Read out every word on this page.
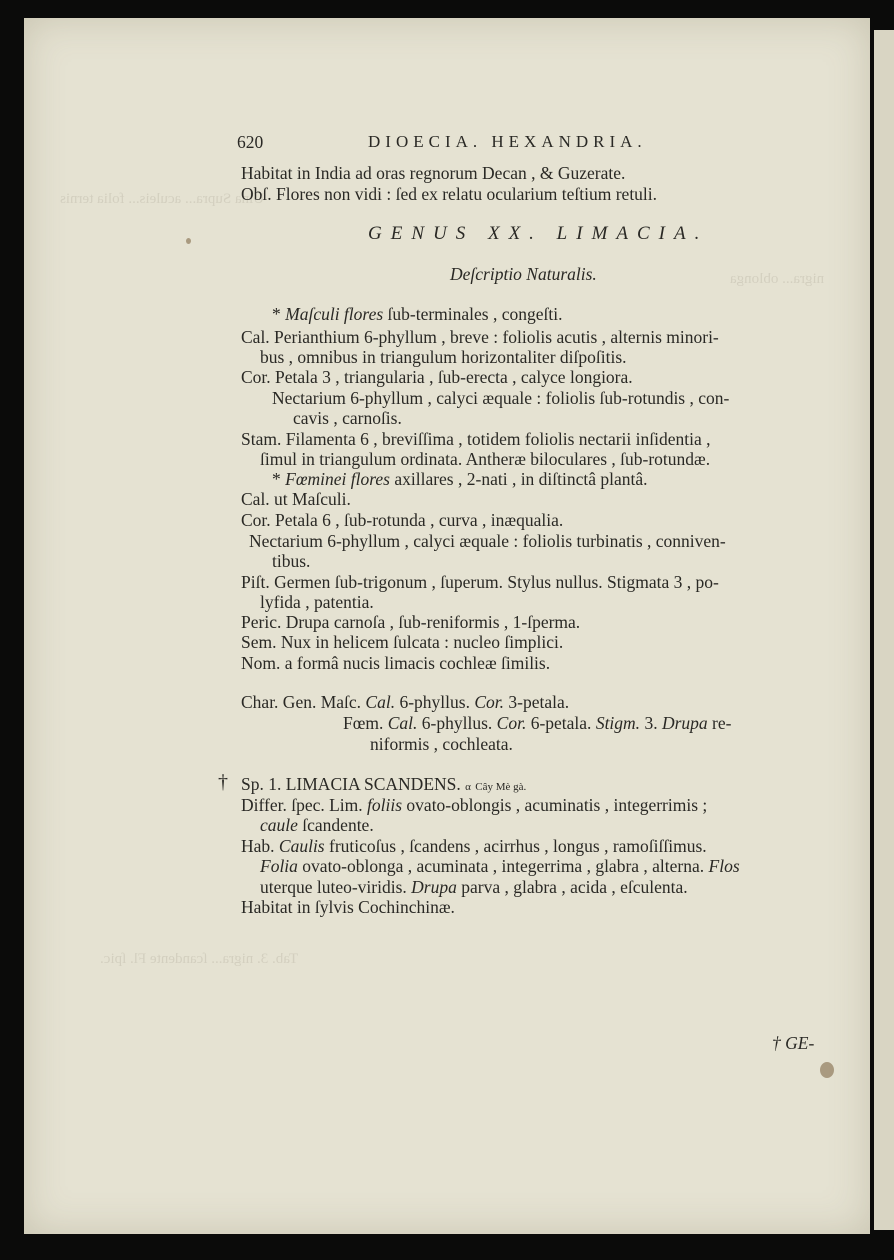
Ulna Supra... aculeis... folia ternis
nigra... oblonga
Tab. 3. nigra... ſcandente Fl. ſpic.
620	DIOECIA. HEXANDRIA.
Habitat in India ad oras regnorum Decan , & Guzerate.
Obſ. Flores non vidi : ſed ex relatu ocularium teſtium retuli.
GENUS XX. LIMACIA.
Deſcriptio Naturalis.
* Maſculi flores ſub-terminales , congeſti.
Cal. Perianthium 6-phyllum , breve : foliolis acutis , alternis minori-
bus , omnibus in triangulum horizontaliter diſpoſitis.
Cor. Petala 3 , triangularia , ſub-erecta , calyce longiora.
Nectarium 6-phyllum , calyci æquale : foliolis ſub-rotundis , con-
cavis , carnoſis.
Stam. Filamenta 6 , breviſſima , totidem foliolis nectarii inſidentia ,
ſimul in triangulum ordinata. Antheræ biloculares , ſub-rotundæ.
* Fœminei flores axillares , 2-nati , in diſtinctâ plantâ.
Cal. ut Maſculi.
Cor. Petala 6 , ſub-rotunda , curva , inæqualia.
Nectarium 6-phyllum , calyci æquale : foliolis turbinatis , conniven-
tibus.
Piſt. Germen ſub-trigonum , ſuperum. Stylus nullus. Stigmata 3 , po-
lyfida , patentia.
Peric. Drupa carnoſa , ſub-reniformis , 1-ſperma.
Sem. Nux in helicem ſulcata : nucleo ſimplici.
Nom. a formâ nucis limacis cochleæ ſimilis.
Char. Gen. Maſc. Cal. 6-phyllus. Cor. 3-petala.
Fœm. Cal. 6-phyllus. Cor. 6-petala. Stigm. 3. Drupa re-
niformis , cochleata.
† Sp. 1. LIMACIA SCANDENS. α Cây Mè gà.
Differ. ſpec. Lim. foliis ovato-oblongis , acuminatis , integerrimis ;
caule ſcandente.
Hab. Caulis fruticoſus , ſcandens , acirrhus , longus , ramoſiſſimus.
Folia ovato-oblonga , acuminata , integerrima , glabra , alterna. Flos
uterque luteo-viridis. Drupa parva , glabra , acida , eſculenta.
Habitat in ſylvis Cochinchinæ.
† GE-
